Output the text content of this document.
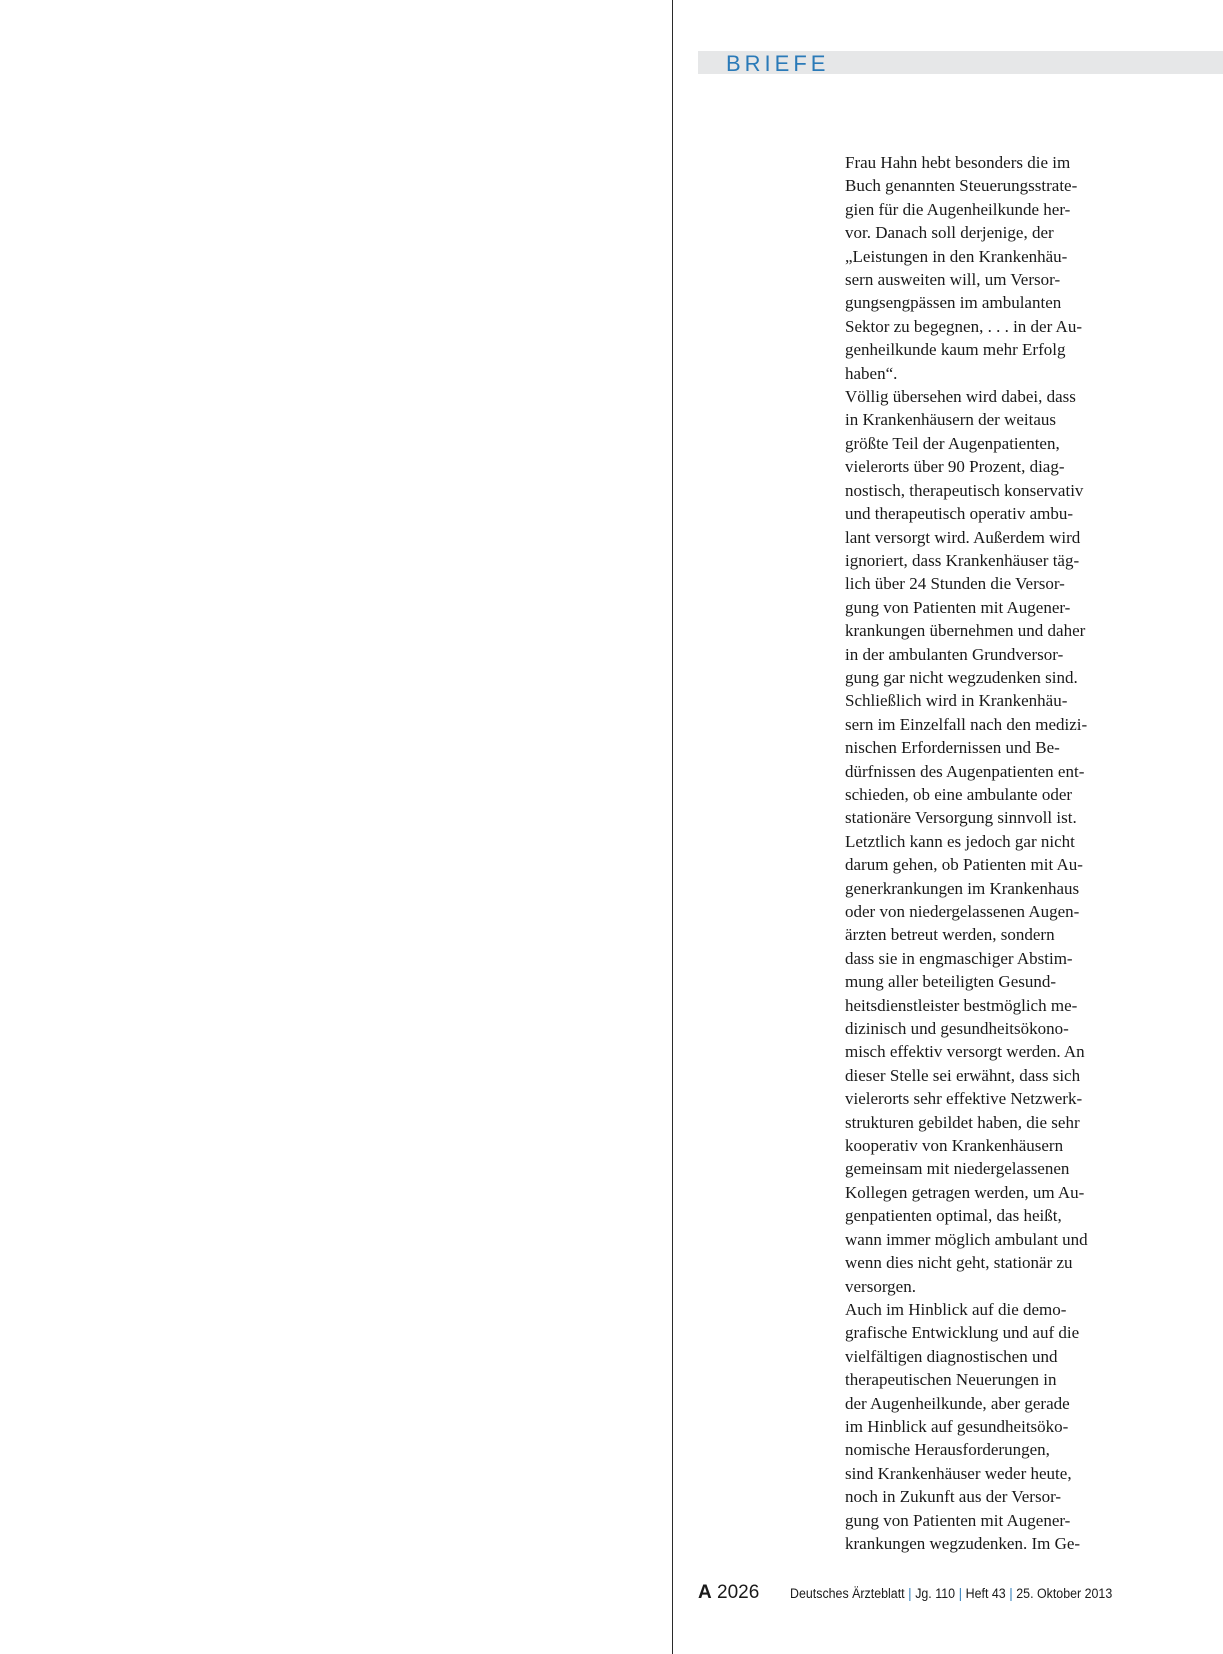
BRIEFE
Frau Hahn hebt besonders die im
Buch genannten Steuerungsstrate-
gien für die Augenheilkunde her-
vor. Danach soll derjenige, der
„Leistungen in den Krankenhäu-
sern ausweiten will, um Versor-
gungsengpässen im ambulanten
Sektor zu begegnen, . . . in der Au-
genheilkunde kaum mehr Erfolg
haben“.
Völlig übersehen wird dabei, dass
in Krankenhäusern der weitaus
größte Teil der Augenpatienten,
vielerorts über 90 Prozent, diag-
nostisch, therapeutisch konservativ
und therapeutisch operativ ambu-
lant versorgt wird. Außerdem wird
ignoriert, dass Krankenhäuser täg-
lich über 24 Stunden die Versor-
gung von Patienten mit Augener-
krankungen übernehmen und daher
in der ambulanten Grundversor-
gung gar nicht wegzudenken sind.
Schließlich wird in Krankenhäu-
sern im Einzelfall nach den medizi-
nischen Erfordernissen und Be-
dürfnissen des Augenpatienten ent-
schieden, ob eine ambulante oder
stationäre Versorgung sinnvoll ist.
Letztlich kann es jedoch gar nicht
darum gehen, ob Patienten mit Au-
generkrankungen im Krankenhaus
oder von niedergelassenen Augen-
ärzten betreut werden, sondern
dass sie in engmaschiger Abstim-
mung aller beteiligten Gesund-
heitsdienstleister bestmöglich me-
dizinisch und gesundheitsökono-
misch effektiv versorgt werden. An
dieser Stelle sei erwähnt, dass sich
vielerorts sehr effektive Netzwerk-
strukturen gebildet haben, die sehr
kooperativ von Krankenhäusern
gemeinsam mit niedergelassenen
Kollegen getragen werden, um Au-
genpatienten optimal, das heißt,
wann immer möglich ambulant und
wenn dies nicht geht, stationär zu
versorgen.
Auch im Hinblick auf die demo-
grafische Entwicklung und auf die
vielfältigen diagnostischen und
therapeutischen Neuerungen in
der Augenheilkunde, aber gerade
im Hinblick auf gesundheitsöko-
nomische Herausforderungen,
sind Krankenhäuser weder heute,
noch in Zukunft aus der Versor-
gung von Patienten mit Augener-
krankungen wegzudenken. Im Ge-
A 2026 Deutsches Ärzteblatt | Jg. 110 | Heft 43 | 25. Oktober 2013
